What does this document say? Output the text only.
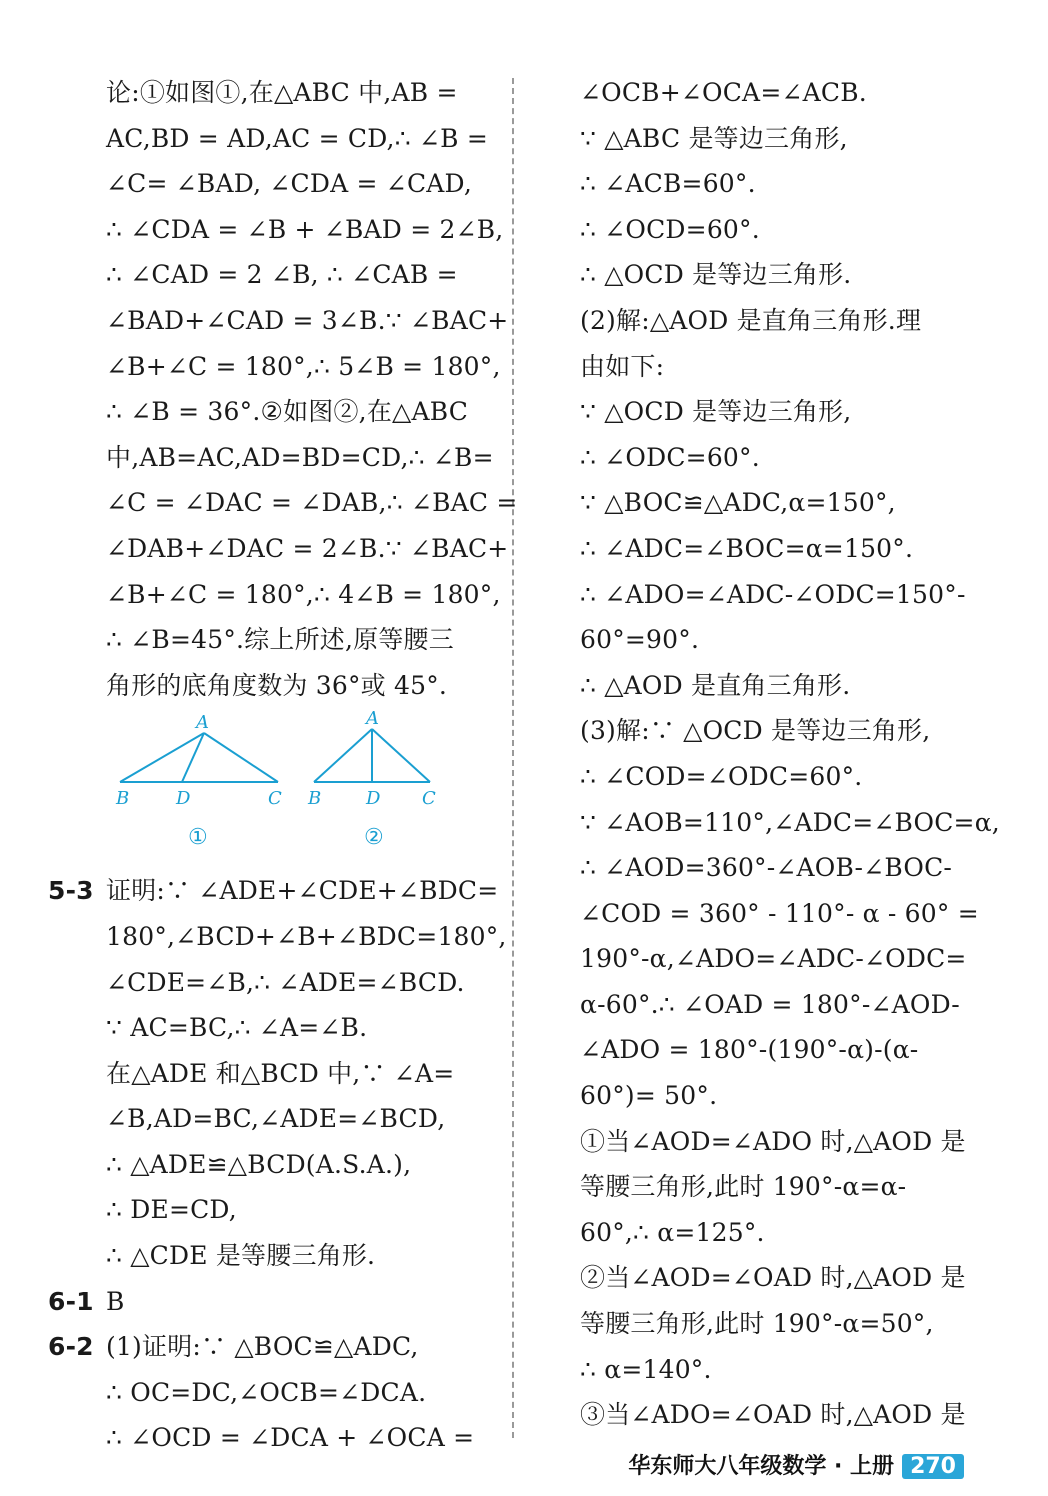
论:①如图①,在△ABC 中,AB =
AC,BD = AD,AC = CD,∴ ∠B =
∠C= ∠BAD, ∠CDA = ∠CAD,
∴ ∠CDA = ∠B + ∠BAD = 2∠B,
∴ ∠CAD = 2 ∠B, ∴ ∠CAB =
∠BAD+∠CAD = 3∠B.∵ ∠BAC+
∠B+∠C = 180°,∴ 5∠B = 180°,
∴ ∠B = 36°.②如图②,在△ABC
中,AB=AC,AD=BD=CD,∴ ∠B=
∠C = ∠DAC = ∠DAB,∴ ∠BAC =
∠DAB+∠DAC = 2∠B.∵ ∠BAC+
∠B+∠C = 180°,∴ 4∠B = 180°,
∴ ∠B=45°.综上所述,原等腰三
角形的底角度数为 36°或 45°.
A
B	D	C
①
A
B D C
②
5-3 证明:∵ ∠ADE+∠CDE+∠BDC=
180°,∠BCD+∠B+∠BDC=180°,
∠CDE=∠B,∴ ∠ADE=∠BCD.
∵ AC=BC,∴ ∠A=∠B.
在△ADE 和△BCD 中,∵ ∠A=
∠B,AD=BC,∠ADE=∠BCD,
∴ △ADE≌△BCD(A.S.A.),
∴ DE=CD,
∴ △CDE 是等腰三角形.
6-1 B
6-2 (1)证明:∵ △BOC≌△ADC,
∴ OC=DC,∠OCB=∠DCA.
∴ ∠OCD = ∠DCA + ∠OCA =
∠OCB+∠OCA=∠ACB.
∵ △ABC 是等边三角形,
∴ ∠ACB=60°.
∴ ∠OCD=60°.
∴ △OCD 是等边三角形.
(2)解:△AOD 是直角三角形.理
由如下:
∵ △OCD 是等边三角形,
∴ ∠ODC=60°.
∵ △BOC≌△ADC,α=150°,
∴ ∠ADC=∠BOC=α=150°.
∴ ∠ADO=∠ADC-∠ODC=150°-
60°=90°.
∴ △AOD 是直角三角形.
(3)解:∵ △OCD 是等边三角形,
∴ ∠COD=∠ODC=60°.
∵ ∠AOB=110°,∠ADC=∠BOC=α,
∴ ∠AOD=360°-∠AOB-∠BOC-
∠COD = 360° - 110°- α - 60° =
190°-α,∠ADO=∠ADC-∠ODC=
α-60°.∴ ∠OAD = 180°-∠AOD-
∠ADO = 180°-(190°-α)-(α-
60°)= 50°.
①当∠AOD=∠ADO 时,△AOD 是
等腰三角形,此时 190°-α=α-
60°,∴ α=125°.
②当∠AOD=∠OAD 时,△AOD 是
等腰三角形,此时 190°-α=50°,
∴ α=140°.
③当∠ADO=∠OAD 时,△AOD 是
华东师大八年级数学 · 上册 270
